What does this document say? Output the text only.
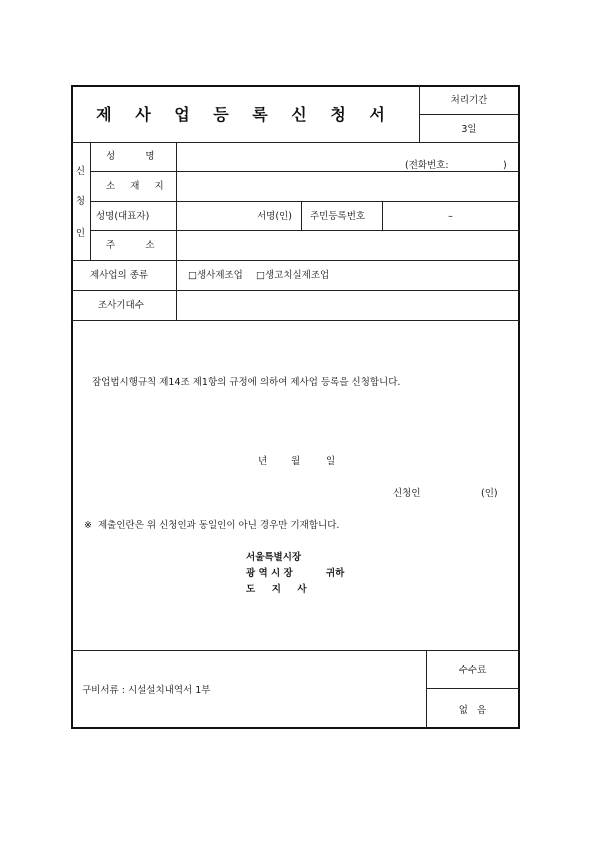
제 사 업 등 록 신 청 서
처리기간
3일
신
청
인
성          명
(전화번호:                  )
소     재     지
성명(대표자)	서명(인) 주민등록번호	–
주          소
제사업의 종류	□생사제조업 □생고치실제조업
조사기대수
잠업법시행규칙 제14조 제1항의 규정에 의하여 제사업 등록을 신청합니다.
년	월	일
신청인	(인)
※  제출인란은 위 신청인과 동일인이 아닌 경우만 기재합니다.
서울특별시장
광 역 시 장	귀하
도     지     사
구비서류 : 시설설치내역서 1부
수수료
없   음
